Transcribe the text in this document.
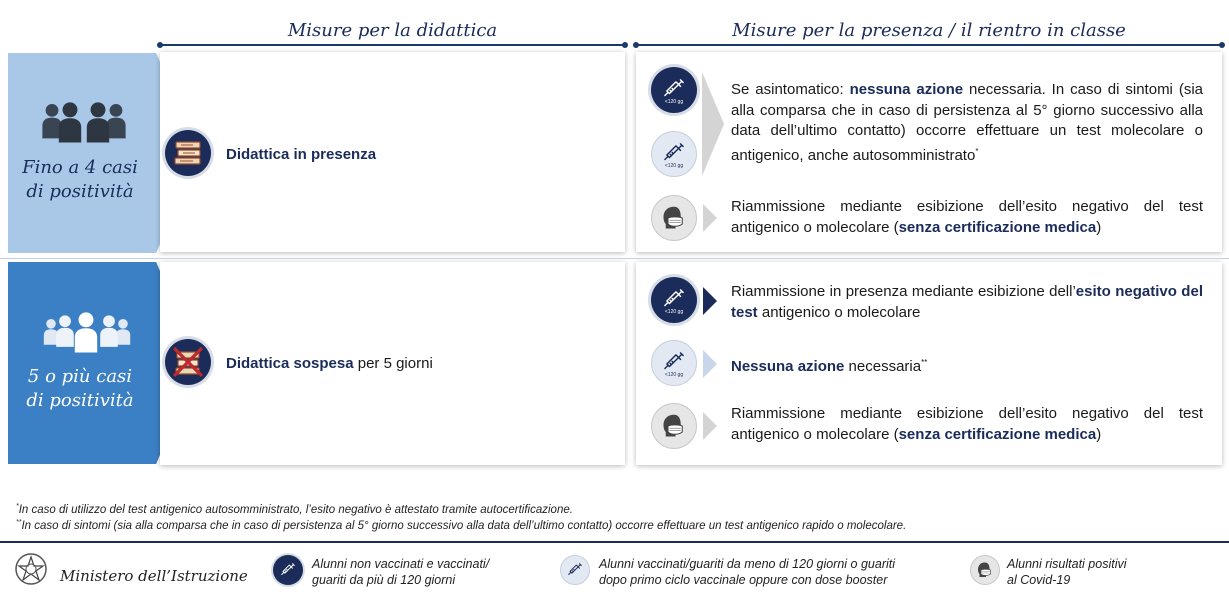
Misure per la didattica	Misure per la presenza / il rientro in classe
Fino a 4 casi
di positività
5 o più casi
di positività
Didattica in presenza
Didattica sospesa per 5 giorni
<120 gg
<120 gg
<120 gg
<120 gg
Se asintomatico: nessuna azione necessaria. In caso di sintomi (sia alla comparsa che in caso di persistenza al 5° giorno successivo alla data dell’ultimo contatto) occorre effettuare un test molecolare o antigenico, anche autosomministrato*
Riammissione mediante esibizione dell’esito negativo del test antigenico o molecolare (senza certificazione medica)
Riammissione in presenza mediante esibizione dell’esito negativo del test antigenico o molecolare
Nessuna azione necessaria**
Riammissione mediante esibizione dell’esito negativo del test antigenico o molecolare (senza certificazione medica)
*In caso di utilizzo del test antigenico autosomministrato, l’esito negativo è attestato tramite autocertificazione.
**In caso di sintomi (sia alla comparsa che in caso di persistenza al 5° giorno successivo alla data dell’ultimo contatto) occorre effettuare un test antigenico rapido o molecolare.
Ministero dell’Istruzione
Alunni non vaccinati e vaccinati/
guariti da più di 120 giorni
Alunni vaccinati/guariti da meno di 120 giorni o guariti
dopo primo ciclo vaccinale oppure con dose booster
Alunni risultati positivi
al Covid-19
